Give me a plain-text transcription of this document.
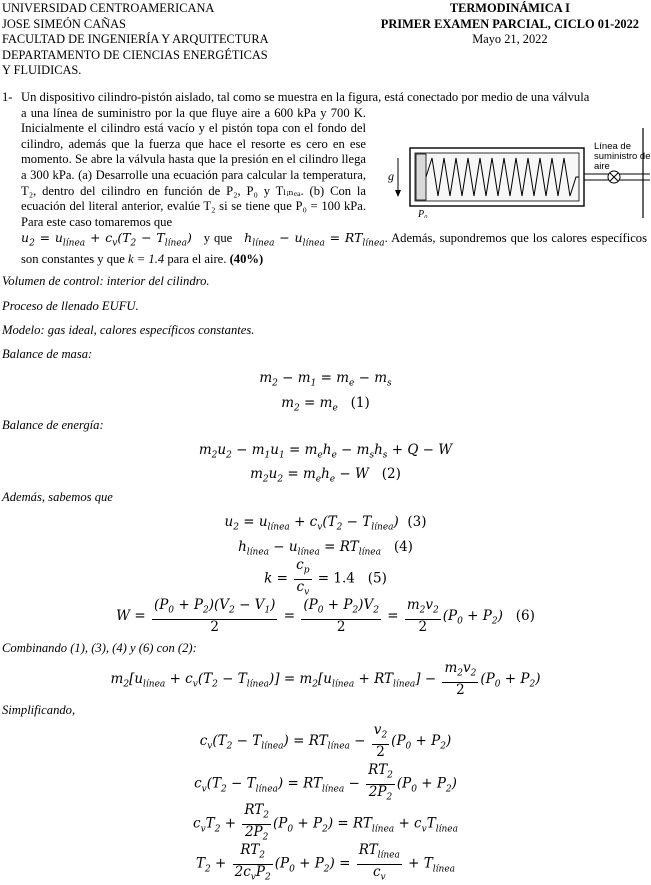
UNIVERSIDAD CENTROAMERICANA
JOSE SIMEÓN CAÑAS
FACULTAD DE INGENIERÍA Y ARQUITECTURA
DEPARTAMENTO DE CIENCIAS ENERGÉTICAS
Y FLUIDICAS.
TERMODINÁMICA I
PRIMER EXAMEN PARCIAL, CICLO 01-2022
Mayo 21, 2022
1- Un dispositivo cilindro-pistón aislado, tal como se muestra en la figura, está conectado por medio de una válvula
a una línea de suministro por la que fluye aire a 600 kPa y 700 K. Inicialmente el cilindro está vacío y el pistón topa con el fondo del cilindro, además que la fuerza que hace el resorte es cero en ese momento. Se abre la válvula hasta que la presión en el cilindro llega a 300 kPa. (a) Desarrolle una ecuación para calcular la temperatura, T₂, dentro del cilindro en función de P₂, P₀ y Tₗᵢₙₑₐ. (b) Con la ecuación del literal anterior, evalúe T₂ si se tiene que P₀ = 100 kPa. Para este caso tomaremos que
$u_2 = u_{línea} + c_v(T_2 - T_{línea})$ y que $h_{línea} - u_{línea} = RT_{línea}$. Además, supondremos que los calores específicos son constantes y que k = 1.4 para el aire. (40%)
g
P₀
Línea de
suministro de
aire
Volumen de control: interior del cilindro.
Proceso de llenado EUFU.
Modelo: gas ideal, calores específicos constantes.
Balance de masa:
$m_2 - m_1 = m_e - m_s$
$m_2 = m_e$ (1)
Balance de energía:
$m_2u_2 - m_1u_1 = m_eh_e - m_sh_s + Q - W$
$m_2u_2 = m_eh_e - W$   (2)
Además, sabemos que
$u_2 = u_{línea} + c_v(T_2 - T_{línea})$  (3)
$h_{línea} - u_{línea} = RT_{línea}$ (4)
$k = \frac{c_p}{c_v} = 1.4$ (5)
$W = \frac{(P_0 + P_2)(V_2 - V_1)}{2} = \frac{(P_0 + P_2)V_2}{2} = \frac{m_2v_2}{2} (P_0 + P_2)$   (6)
Combinando (1), (3), (4) y (6) con (2):
$m_2[u_{línea} + c_v(T_2 - T_{línea})] = m_2[u_{línea} + RT_{línea}] - \frac{m_2v_2}{2} (P_0 + P_2)$
Simplificando,
$c_v(T_2 - T_{línea}) = RT_{línea} - \frac{v_2}{2} (P_0 + P_2)$
$c_v(T_2 - T_{línea}) = RT_{línea} - \frac{RT_2}{2P_2} (P_0 + P_2)$
$c_vT_2 + \frac{RT_2}{2P_2} (P_0 + P_2) = RT_{línea} + c_vT_{línea}$
$T_2 + \frac{RT_2}{2c_vP_2} (P_0 + P_2) = \frac{RT_{línea}}{c_v} + T_{línea}$
